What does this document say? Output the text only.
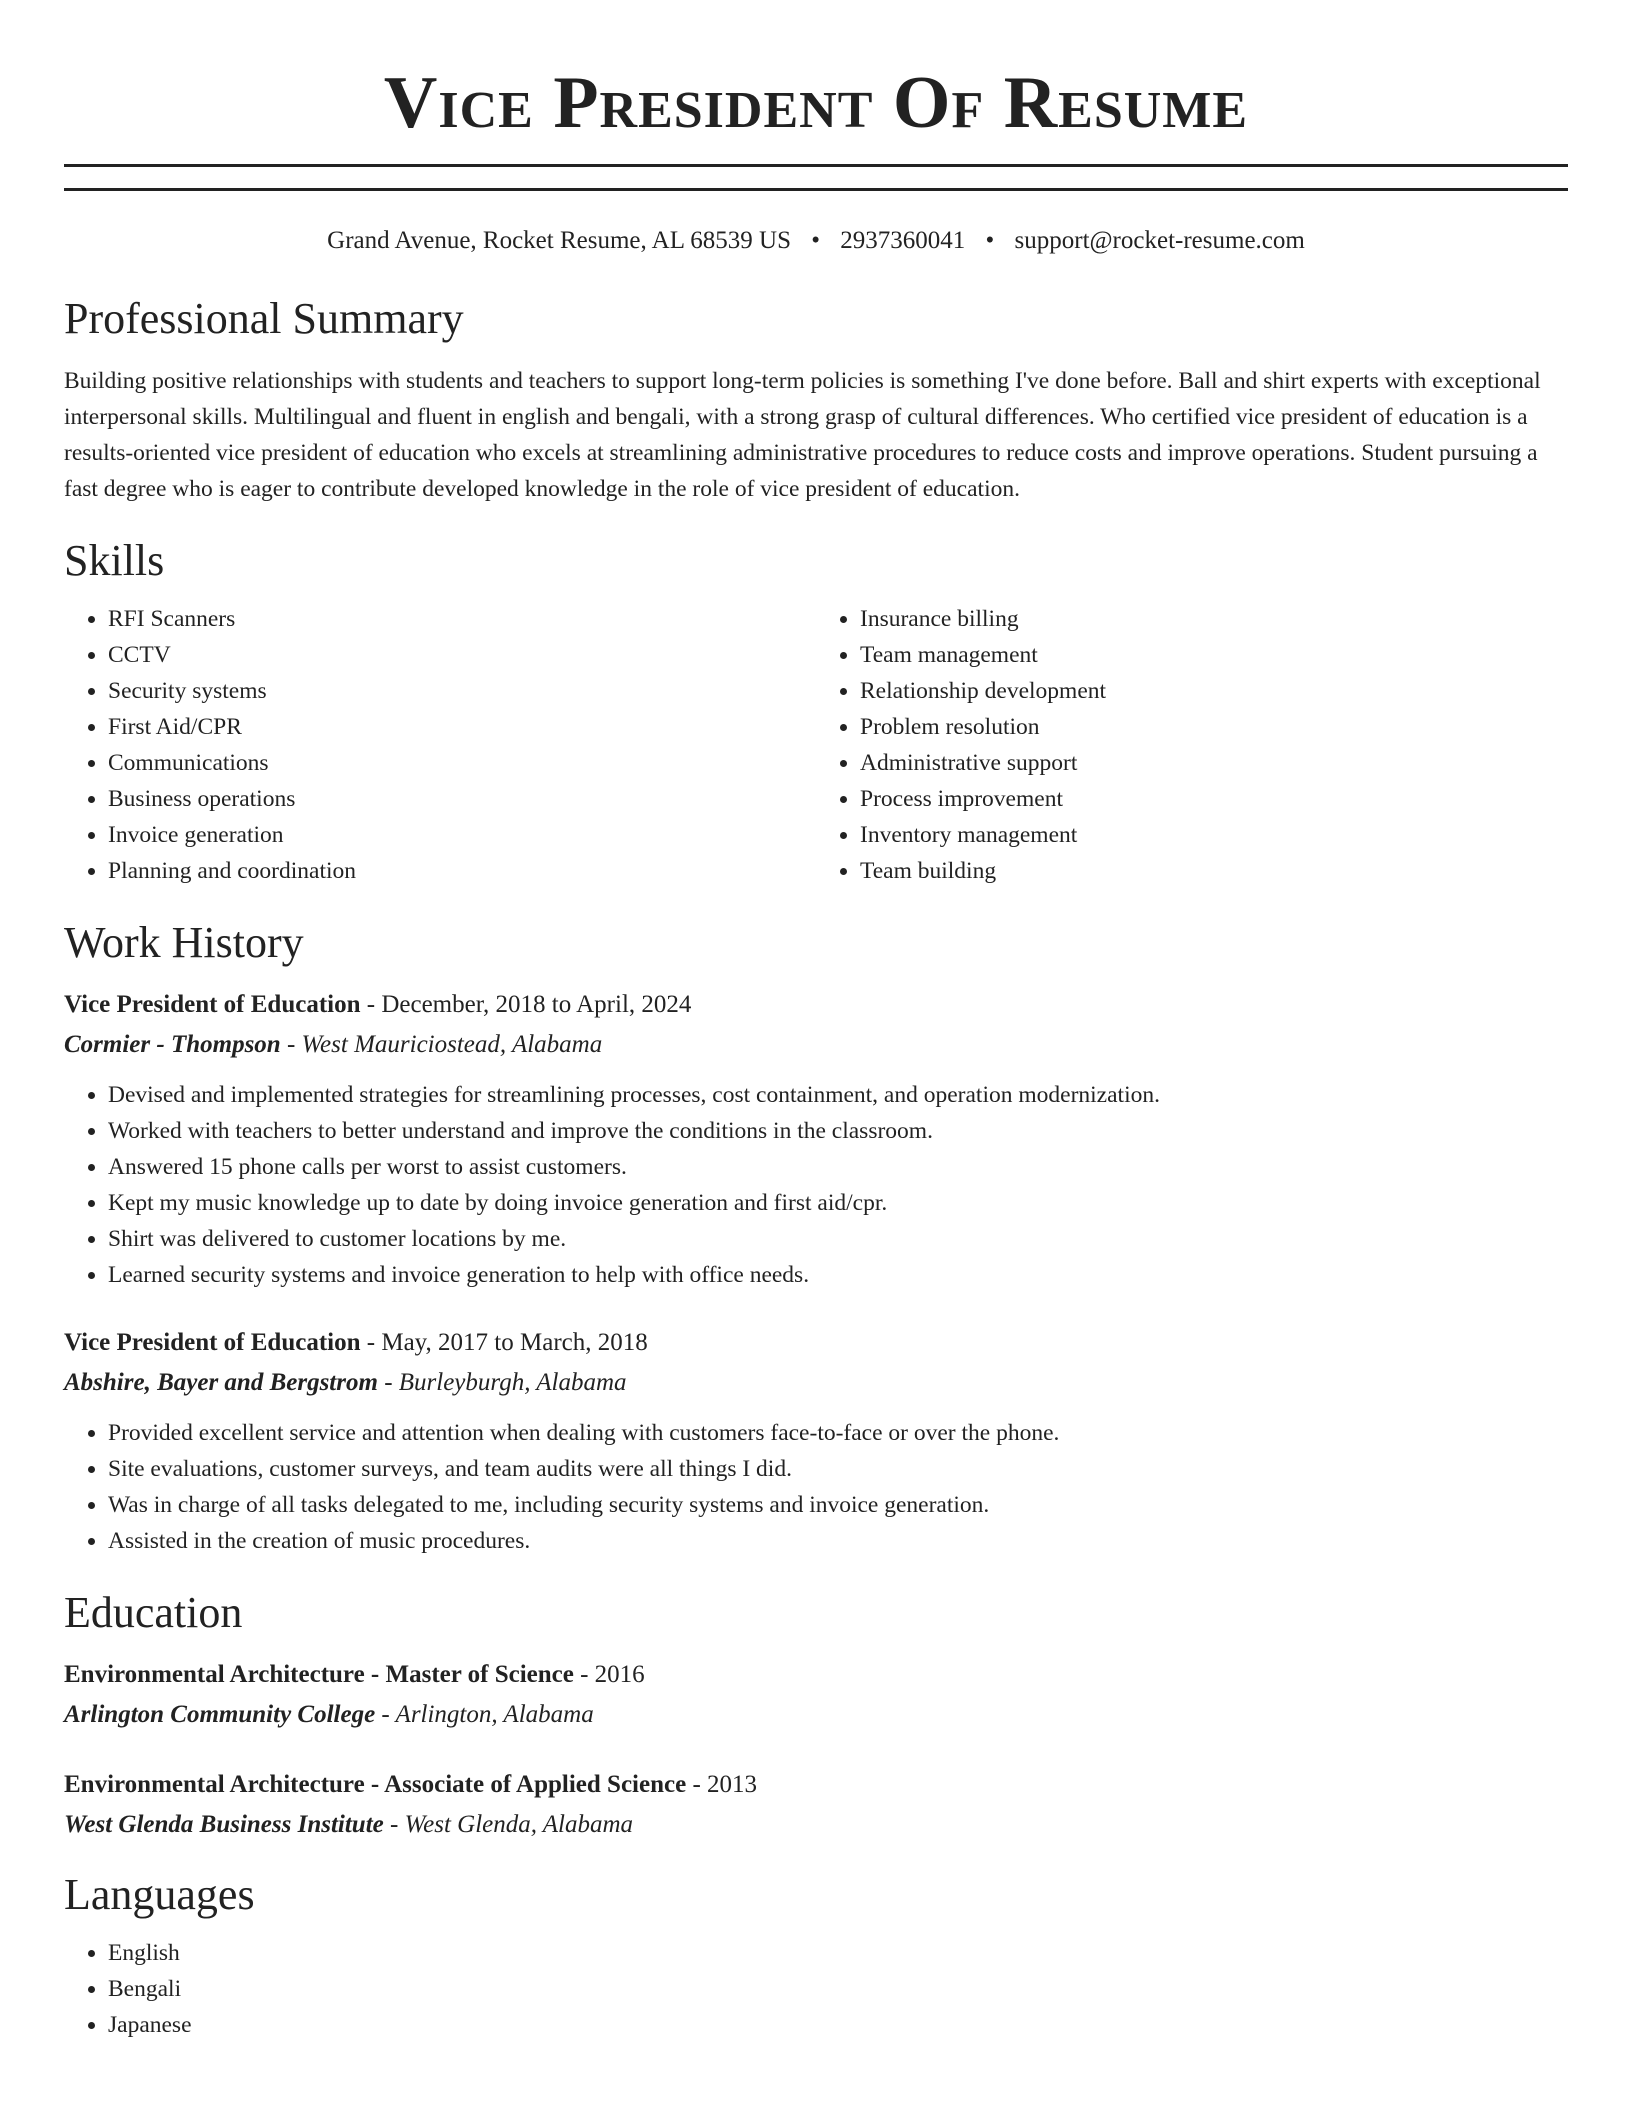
Vice President Of Resume
Grand Avenue, Rocket Resume, AL 68539 US • 2937360041 • support@rocket-resume.com
Professional Summary

Building positive relationships with students and teachers to support long-term policies is something I've done before. Ball and shirt experts with exceptional interpersonal skills. Multilingual and fluent in english and bengali, with a strong grasp of cultural differences. Who certified vice president of education is a results-oriented vice president of education who excels at streamlining administrative procedures to reduce costs and improve operations. Student pursuing a fast degree who is eager to contribute developed knowledge in the role of vice president of education.

Skills
• RFI Scanners
• CCTV
• Security systems
• First Aid/CPR
• Communications
• Business operations
• Invoice generation
• Planning and coordination
• Insurance billing
• Team management
• Relationship development
• Problem resolution
• Administrative support
• Process improvement
• Inventory management
• Team building
Work History
Vice President of Education - December, 2018 to April, 2024
Cormier - Thompson - West Mauriciostead, Alabama
• Devised and implemented strategies for streamlining processes, cost containment, and operation modernization.
• Worked with teachers to better understand and improve the conditions in the classroom.
• Answered 15 phone calls per worst to assist customers.
• Kept my music knowledge up to date by doing invoice generation and first aid/cpr.
• Shirt was delivered to customer locations by me.
• Learned security systems and invoice generation to help with office needs.
Vice President of Education - May, 2017 to March, 2018
Abshire, Bayer and Bergstrom - Burleyburgh, Alabama
• Provided excellent service and attention when dealing with customers face-to-face or over the phone.
• Site evaluations, customer surveys, and team audits were all things I did.
• Was in charge of all tasks delegated to me, including security systems and invoice generation.
• Assisted in the creation of music procedures.
Education
Environmental Architecture - Master of Science - 2016
Arlington Community College - Arlington, Alabama
Environmental Architecture - Associate of Applied Science - 2013
West Glenda Business Institute - West Glenda, Alabama
Languages
• English
• Bengali
• Japanese
